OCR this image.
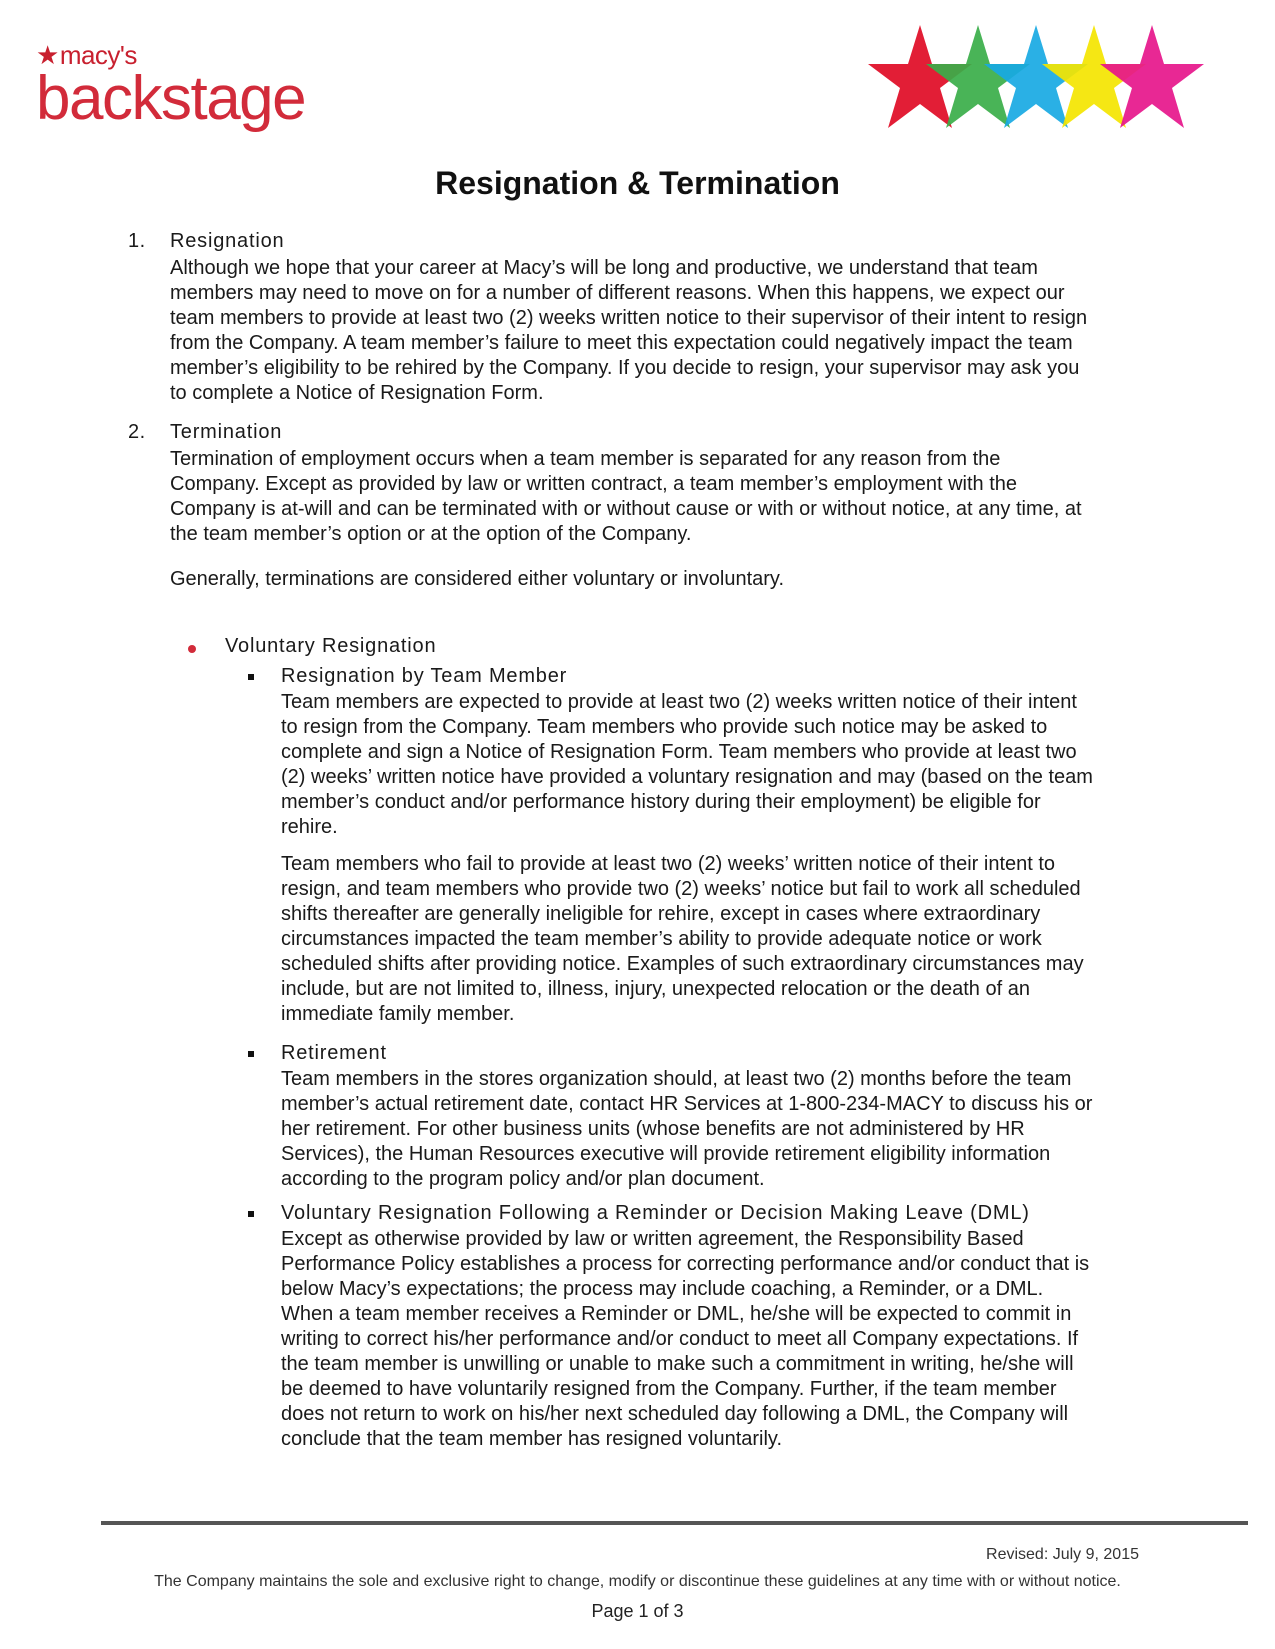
★macy's
backstage
Resignation & Termination
1. Resignation
Although we hope that your career at Macy’s will be long and productive, we understand that team
members may need to move on for a number of different reasons. When this happens, we expect our
team members to provide at least two (2) weeks written notice to their supervisor of their intent to resign
from the Company. A team member’s failure to meet this expectation could negatively impact the team
member’s eligibility to be rehired by the Company. If you decide to resign, your supervisor may ask you
to complete a Notice of Resignation Form.
2. Termination
Termination of employment occurs when a team member is separated for any reason from the
Company. Except as provided by law or written contract, a team member’s employment with the
Company is at-will and can be terminated with or without cause or with or without notice, at any time, at
the team member’s option or at the option of the Company.
Generally, terminations are considered either voluntary or involuntary.
Voluntary Resignation
Resignation by Team Member
Team members are expected to provide at least two (2) weeks written notice of their intent
to resign from the Company. Team members who provide such notice may be asked to
complete and sign a Notice of Resignation Form. Team members who provide at least two
(2) weeks’ written notice have provided a voluntary resignation and may (based on the team
member’s conduct and/or performance history during their employment) be eligible for
rehire.
Team members who fail to provide at least two (2) weeks’ written notice of their intent to
resign, and team members who provide two (2) weeks’ notice but fail to work all scheduled
shifts thereafter are generally ineligible for rehire, except in cases where extraordinary
circumstances impacted the team member’s ability to provide adequate notice or work
scheduled shifts after providing notice. Examples of such extraordinary circumstances may
include, but are not limited to, illness, injury, unexpected relocation or the death of an
immediate family member.
Retirement
Team members in the stores organization should, at least two (2) months before the team
member’s actual retirement date, contact HR Services at 1-800-234-MACY to discuss his or
her retirement. For other business units (whose benefits are not administered by HR
Services), the Human Resources executive will provide retirement eligibility information
according to the program policy and/or plan document.
Voluntary Resignation Following a Reminder or Decision Making Leave (DML)
Except as otherwise provided by law or written agreement, the Responsibility Based
Performance Policy establishes a process for correcting performance and/or conduct that is
below Macy’s expectations; the process may include coaching, a Reminder, or a DML.
When a team member receives a Reminder or DML, he/she will be expected to commit in
writing to correct his/her performance and/or conduct to meet all Company expectations. If
the team member is unwilling or unable to make such a commitment in writing, he/she will
be deemed to have voluntarily resigned from the Company. Further, if the team member
does not return to work on his/her next scheduled day following a DML, the Company will
conclude that the team member has resigned voluntarily.
Revised: July 9, 2015
The Company maintains the sole and exclusive right to change, modify or discontinue these guidelines at any time with or without notice.
Page 1 of 3
